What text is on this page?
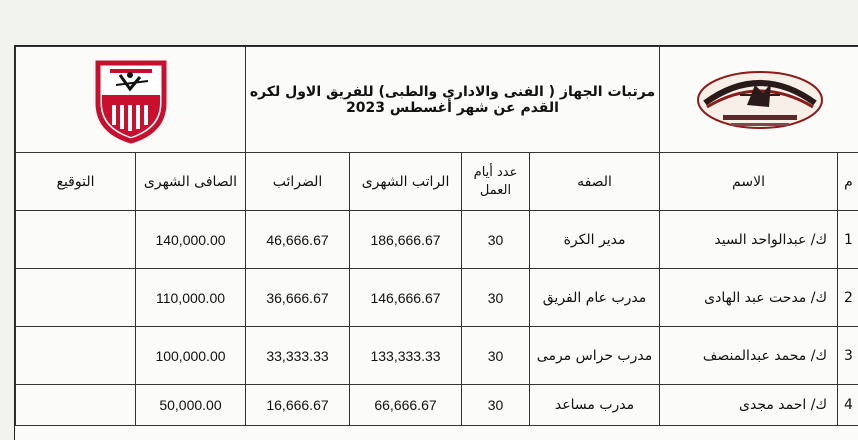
	مرتبات الجهاز ( الفنى والادارى والطبى) للفريق الاول لكره القدم عن شهر أغسطس 2023	

م	الاسم	الصفه	عدد أيام العمل	الراتب الشهرى	الضرائب	الصافى الشهرى	التوقيع
1	ك/ عبدالواحد السيد	مدير الكرة	30	186,666.67	46,666.67	140,000.00	
2	ك/ مدحت عبد الهادى	مدرب عام الفريق	30	146,666.67	36,666.67	110,000.00	
3	ك/ محمد عبدالمنصف	مدرب حراس مرمى	30	133,333.33	33,333.33	100,000.00	
4	ك/ احمد مجدى	مدرب مساعد	30	66,666.67	16,666.67	50,000.00	
